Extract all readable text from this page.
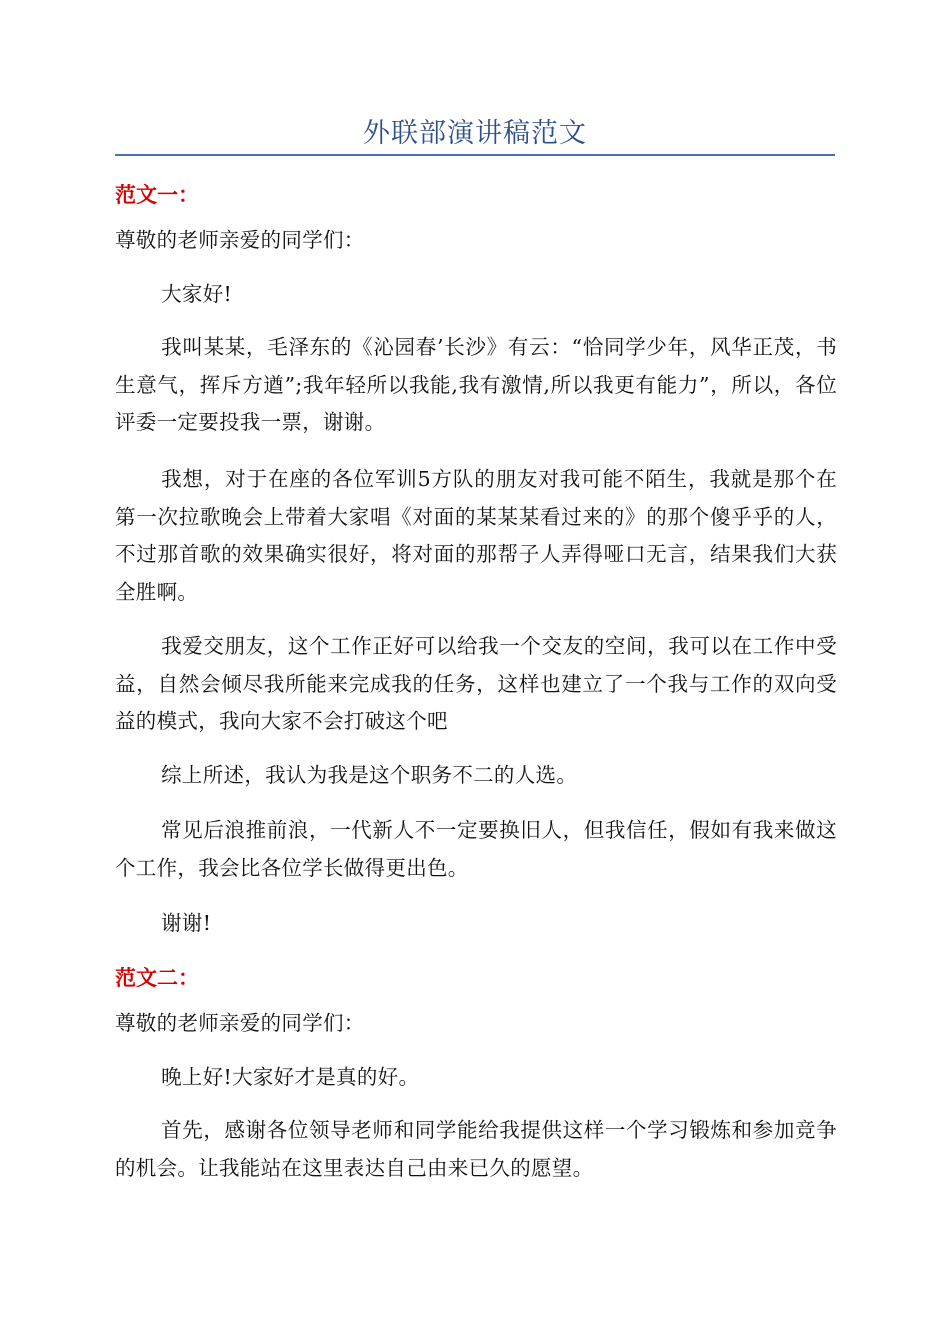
外联部演讲稿范文
范文一：
尊敬的老师亲爱的同学们：
大家好!
我叫某某，毛泽东的《沁园春’长沙》有云：“恰同学少年，风华正茂，书生意气，挥斥方遒”;我年轻所以我能,我有激情,所以我更有能力”，所以，各位评委一定要投我一票，谢谢。
我想，对于在座的各位军训5方队的朋友对我可能不陌生，我就是那个在第一次拉歌晚会上带着大家唱《对面的某某某看过来的》的那个傻乎乎的人，不过那首歌的效果确实很好，将对面的那帮子人弄得哑口无言，结果我们大获全胜啊。
我爱交朋友，这个工作正好可以给我一个交友的空间，我可以在工作中受益，自然会倾尽我所能来完成我的任务，这样也建立了一个我与工作的双向受益的模式，我向大家不会打破这个吧
综上所述，我认为我是这个职务不二的人选。
常见后浪推前浪，一代新人不一定要换旧人，但我信任，假如有我来做这个工作，我会比各位学长做得更出色。
谢谢!
范文二：
尊敬的老师亲爱的同学们：
晚上好!大家好才是真的好。
首先，感谢各位领导老师和同学能给我提供这样一个学习锻炼和参加竞争的机会。让我能站在这里表达自己由来已久的愿望。
